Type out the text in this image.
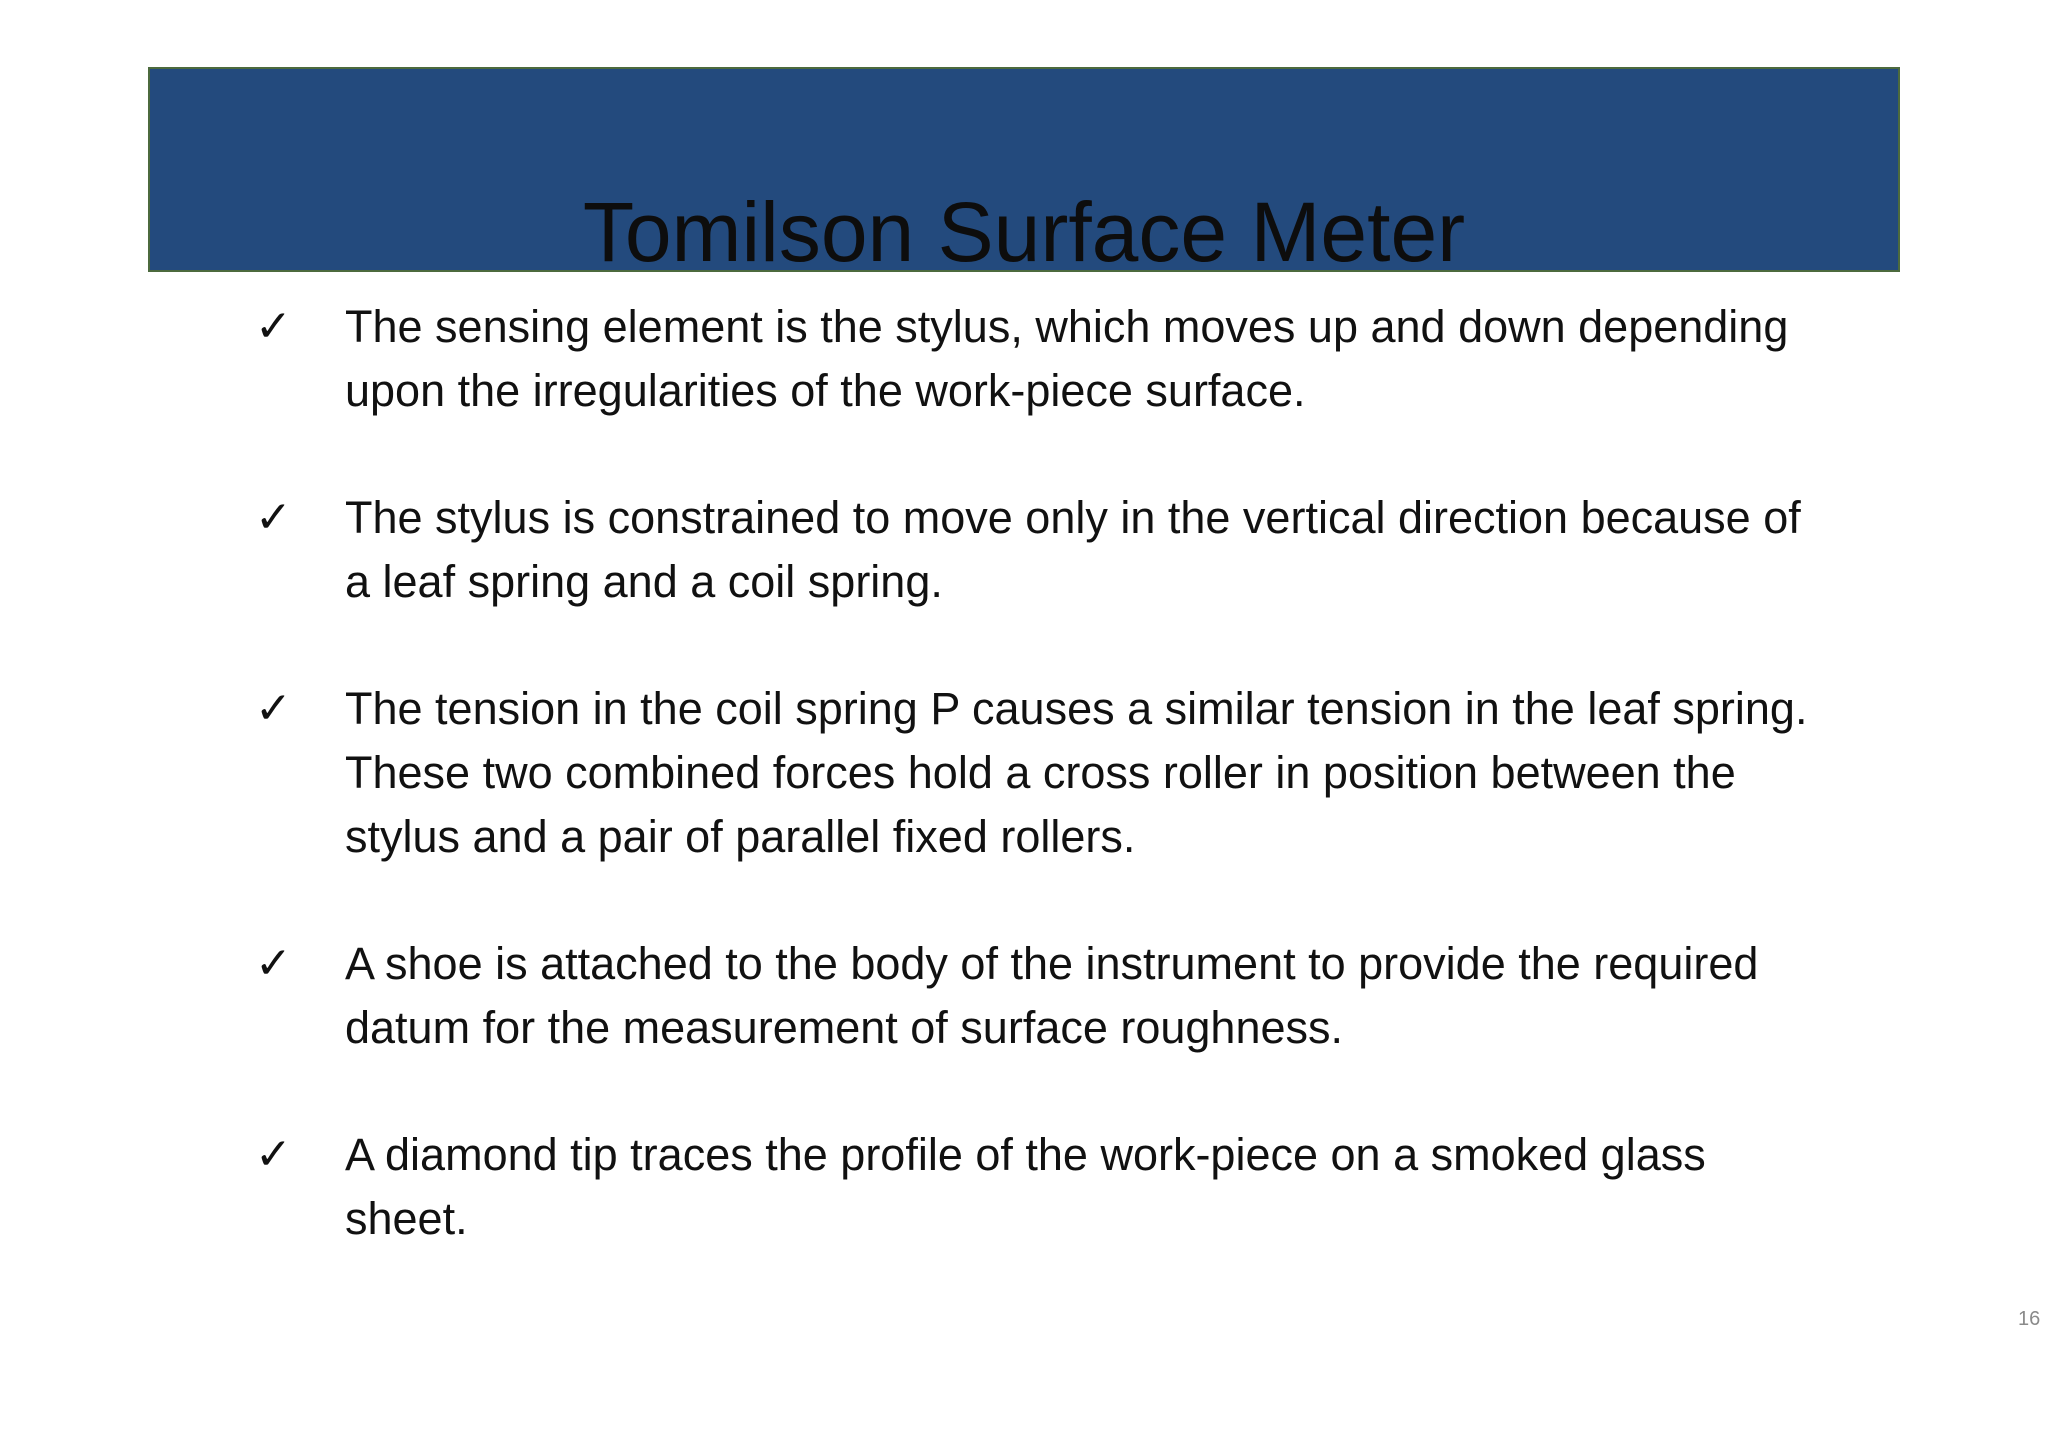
Tomilson Surface Meter
✓ The sensing element is the stylus, which moves up and down depending upon the irregularities of the work-piece surface.
✓ The stylus is constrained to move only in the vertical direction because of a leaf spring and a coil spring.
✓ The tension in the coil spring P causes a similar tension in the leaf spring. These two combined forces hold a cross roller in position between the stylus and a pair of parallel fixed rollers.
✓ A shoe is attached to the body of the instrument to provide the required datum for the measurement of surface roughness.
✓ A diamond tip traces the profile of the work-piece on a smoked glass sheet.
16
